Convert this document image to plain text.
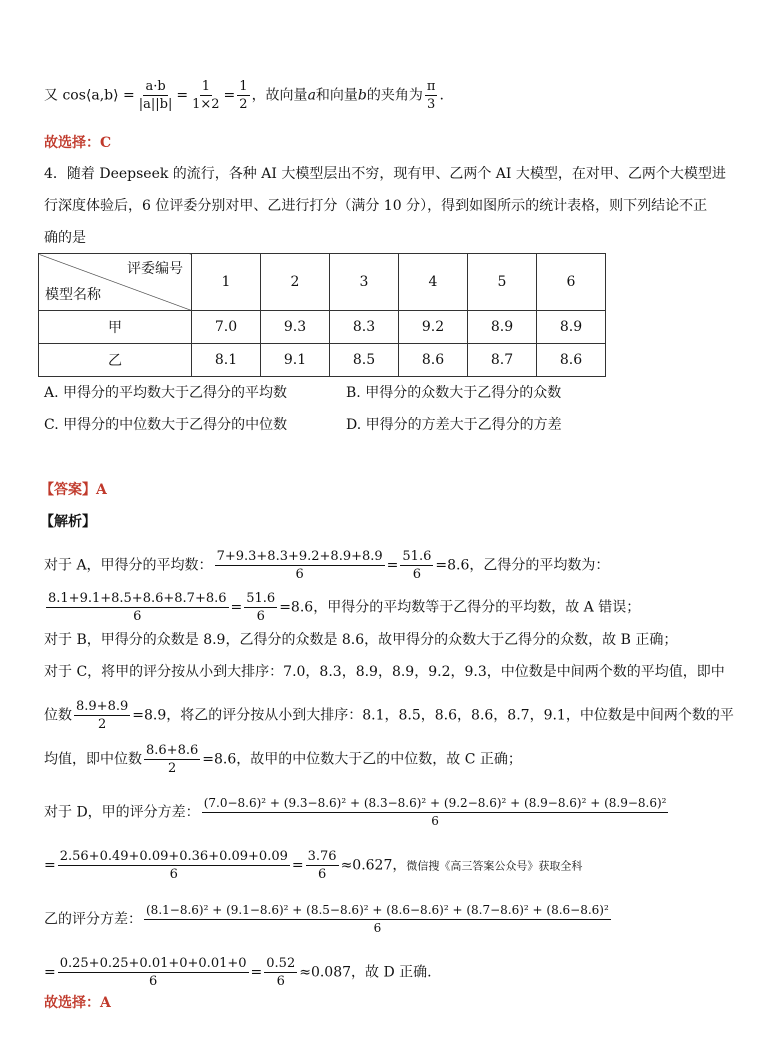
又 cos⟨a,b⟩ = $\frac{a\cdot b}{|a||b|} = \frac{1}{1\times 2} = \frac{1}{2}$ ，故向量a和向量b的夹角为 $\frac{\pi}{3}$ .
故选择：C
4．随着 Deepseek 的流行，各种 AI 大模型层出不穷，现有甲、乙两个 AI 大模型，在对甲、乙两个大模型进
行深度体验后，6 位评委分别对甲、乙进行打分（满分 10 分），得到如图所示的统计表格，则下列结论不正
确的是
评委编号
模型名称	1	2	3	4	5	6
甲	7.0	9.3	8.3	9.2	8.9	8.9
乙	8.1	9.1	8.5	8.6	8.7	8.6
A. 甲得分的平均数大于乙得分的平均数	B. 甲得分的众数大于乙得分的众数
C. 甲得分的中位数大于乙得分的中位数	D. 甲得分的方差大于乙得分的方差
【答案】A
【解析】
对于 A，甲得分的平均数： $\frac{7+9.3+8.3+9.2+8.9+8.9}{6} = \frac{51.6}{6} =8.6$，乙得分的平均数为：
$\frac{8.1+9.1+8.5+8.6+8.7+8.6}{6} = \frac{51.6}{6} =8.6$，甲得分的平均数等于乙得分的平均数，故 A 错误；
对于 B，甲得分的众数是 8.9，乙得分的众数是 8.6，故甲得分的众数大于乙得分的众数，故 B 正确；
对于 C，将甲的评分按从小到大排序：7.0，8.3，8.9，8.9，9.2，9.3，中位数是中间两个数的平均值，即中
位数 $\frac{8.9+8.9}{2} =8.9$，将乙的评分按从小到大排序：8.1，8.5，8.6，8.6，8.7，9.1，中位数是中间两个数的平
均值，即中位数 $\frac{8.6+8.6}{2} =8.6$，故甲的中位数大于乙的中位数，故 C 正确；
对于 D，甲的评分方差：
(7.0−8.6)² + (9.3−8.6)² + (8.3−8.6)² + (9.2−8.6)² + (8.9−8.6)² + (8.9−8.6)²
6
= $\frac{2.56+0.49+0.09+0.36+0.09+0.09}{6} = \frac{3.76}{6} \approx 0.627$，微信搜《高三答案公众号》获取全科
乙的评分方差：
(8.1−8.6)² + (9.1−8.6)² + (8.5−8.6)² + (8.6−8.6)² + (8.7−8.6)² + (8.6−8.6)²
6
= $\frac{0.25+0.25+0.01+0+0.01+0}{6} = \frac{0.52}{6} \approx 0.087$，故 D 正确.
故选择：A
